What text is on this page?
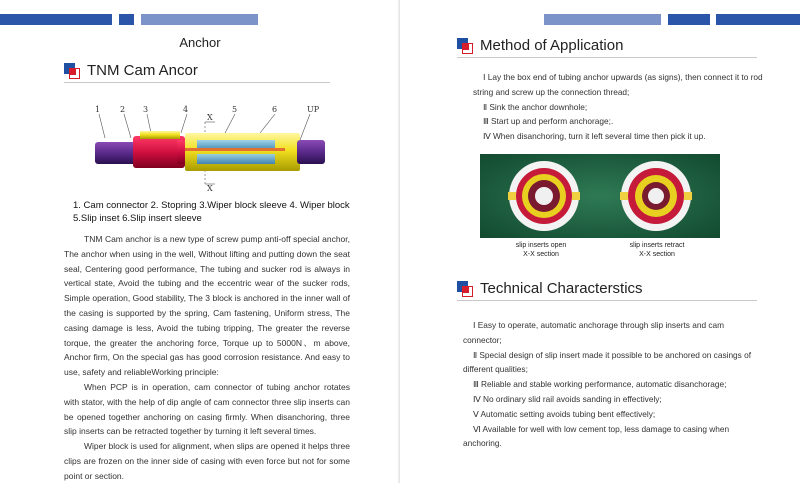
Anchor
TNM Cam Ancor
1 2 3	4	5	6	UP
X
X
1. Cam connector 2. Stopring 3.Wiper block sleeve 4. Wiper block
5.Slip inset 6.Slip insert sleeve

TNM Cam anchor is a new type of screw pump anti-off special anchor, The anchor when using in the well, Without lifting and putting down the seat seal, Centering good performance, The tubing and sucker rod is always in vertical state, Avoid the tubing and the eccentric wear of the sucker rods, Simple operation, Good stability, The 3 block is anchored in the inner wall of the casing is supported by the spring, Cam fastening, Uniform stress, The casing damage is less, Avoid the tubing tripping, The greater the reverse torque, the greater the anchoring force, Torque up to 5000N、m above, Anchor firm, On the special gas has good corrosion resistance. And easy to use, safety and reliableWorking principle:

When PCP is in operation, cam connector of tubing anchor rotates with stator, with the help of dip angle of cam connector three slip inserts can be opened together anchoring on casing firmly. When disanchoring, three slip inserts can be retracted together by turning it left several times.

Wiper block is used for alignment, when slips are opened it helps three clips are frozen on the inner side of casing with even force but not for some point or section.

Method of Application

Ⅰ Lay the box end of tubing anchor upwards (as signs), then connect it to rod string and screw up the connection thread;

Ⅱ Sink the anchor downhole;

Ⅲ Start up and perform anchorage;.

Ⅳ When disanchoring, turn it left several time then pick it up.

slip inserts open
X-X section
slip inserts retract
X-X section
Technical Characterstics

Ⅰ Easy to operate, automatic anchorage through slip inserts and cam connector;

Ⅱ Special design of slip insert made it possible to be anchored on casings of different qualities;

Ⅲ Reliable and stable working performance, automatic disanchorage;

Ⅳ No ordinary slid rail avoids sanding in effectively;

Ⅴ Automatic setting avoids tubing bent effectively;

Ⅵ Available for well with low cement top, less damage to casing when anchoring.
